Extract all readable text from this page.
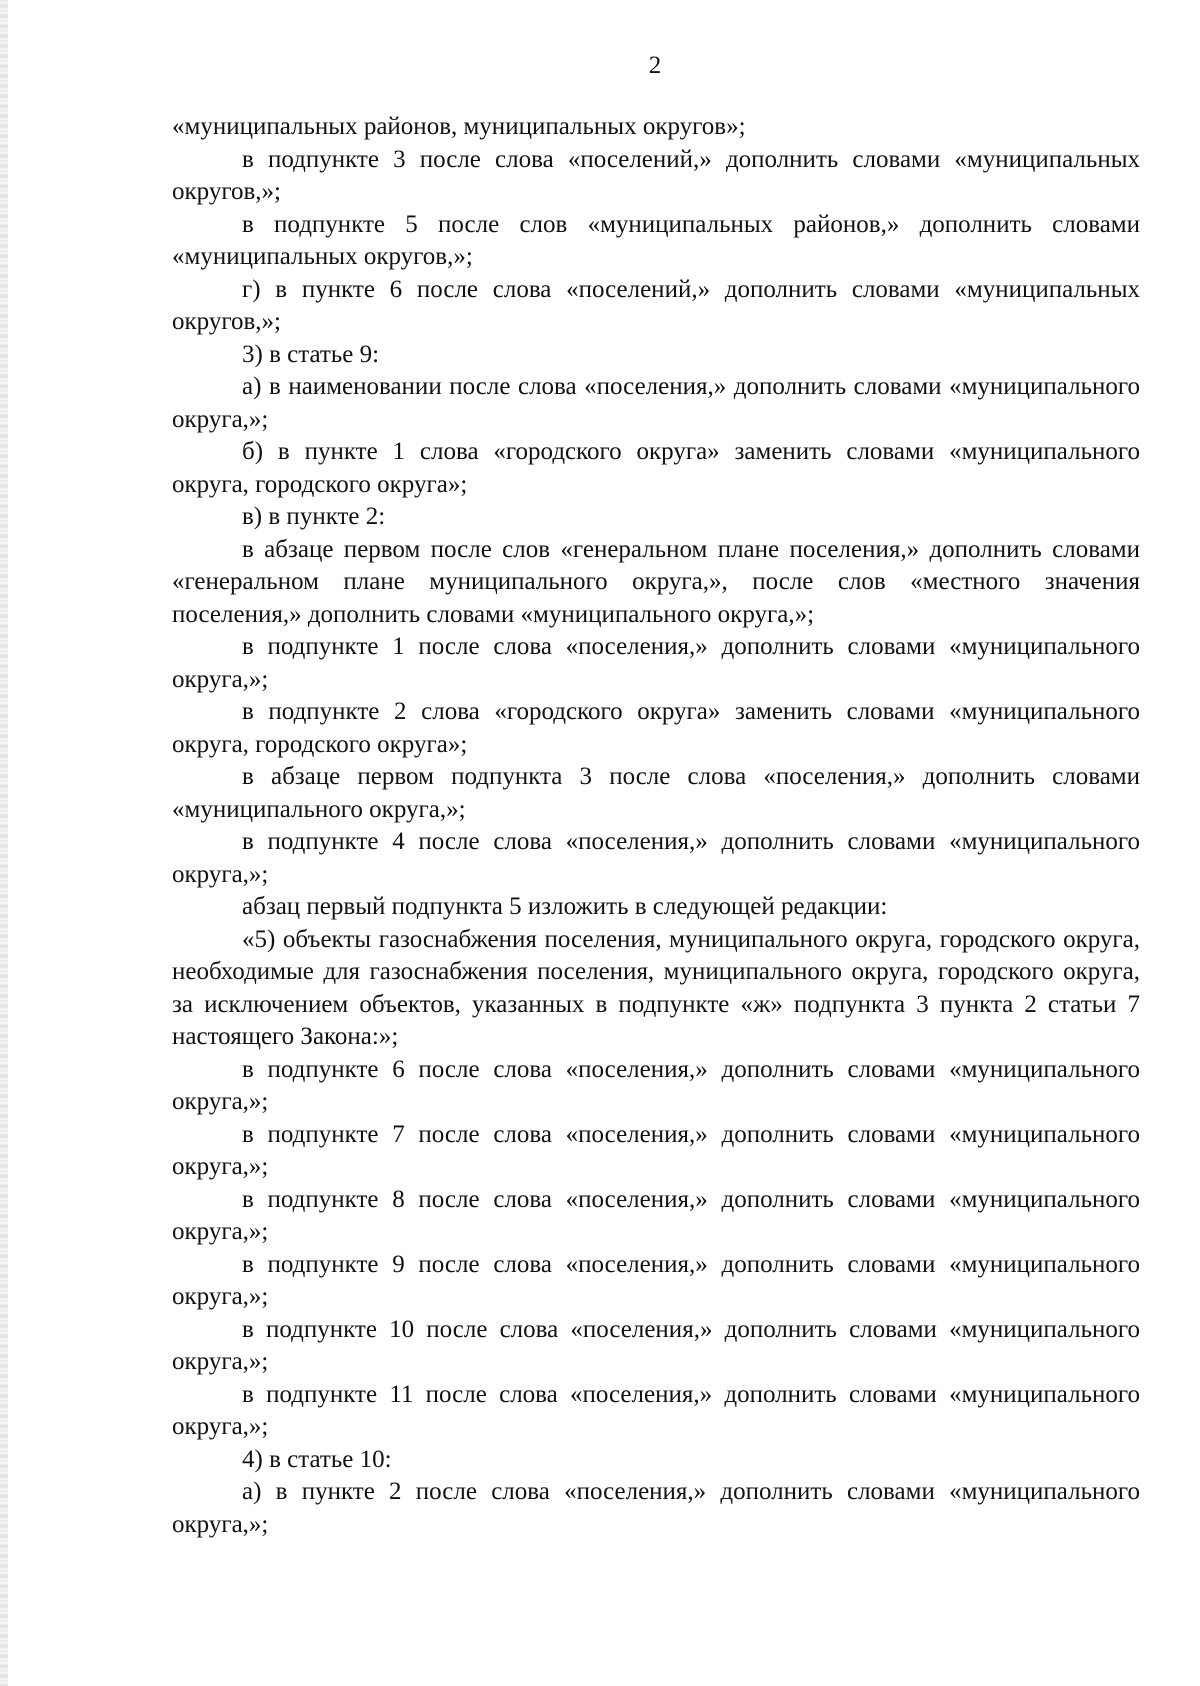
2

«муниципальных районов, муниципальных округов»;

в подпункте 3 после слова «поселений,» дополнить словами «муниципальных округов,»;

в подпункте 5 после слов «муниципальных районов,» дополнить словами «муниципальных округов,»;

г) в пункте 6 после слова «поселений,» дополнить словами «муниципальных округов,»;

3) в статье 9:

а) в наименовании после слова «поселения,» дополнить словами «муниципального округа,»;

б) в пункте 1 слова «городского округа» заменить словами «муниципального округа, городского округа»;

в) в пункте 2:

в абзаце первом после слов «генеральном плане поселения,» дополнить словами «генеральном плане муниципального округа,», после слов «местного значения поселения,» дополнить словами «муниципального округа,»;

в подпункте 1 после слова «поселения,» дополнить словами «муниципального округа,»;

в подпункте 2 слова «городского округа» заменить словами «муниципального округа, городского округа»;

в абзаце первом подпункта 3 после слова «поселения,» дополнить словами «муниципального округа,»;

в подпункте 4 после слова «поселения,» дополнить словами «муниципального округа,»;

абзац первый подпункта 5 изложить в следующей редакции:

«5) объекты газоснабжения поселения, муниципального округа, городского округа, необходимые для газоснабжения поселения, муниципального округа, городского округа, за исключением объектов, указанных в подпункте «ж» подпункта 3 пункта 2 статьи 7 настоящего Закона:»;

в подпункте 6 после слова «поселения,» дополнить словами «муниципального округа,»;

в подпункте 7 после слова «поселения,» дополнить словами «муниципального округа,»;

в подпункте 8 после слова «поселения,» дополнить словами «муниципального округа,»;

в подпункте 9 после слова «поселения,» дополнить словами «муниципального округа,»;

в подпункте 10 после слова «поселения,» дополнить словами «муниципального округа,»;

в подпункте 11 после слова «поселения,» дополнить словами «муниципального округа,»;

4) в статье 10:

а) в пункте 2 после слова «поселения,» дополнить словами «муниципального округа,»;
